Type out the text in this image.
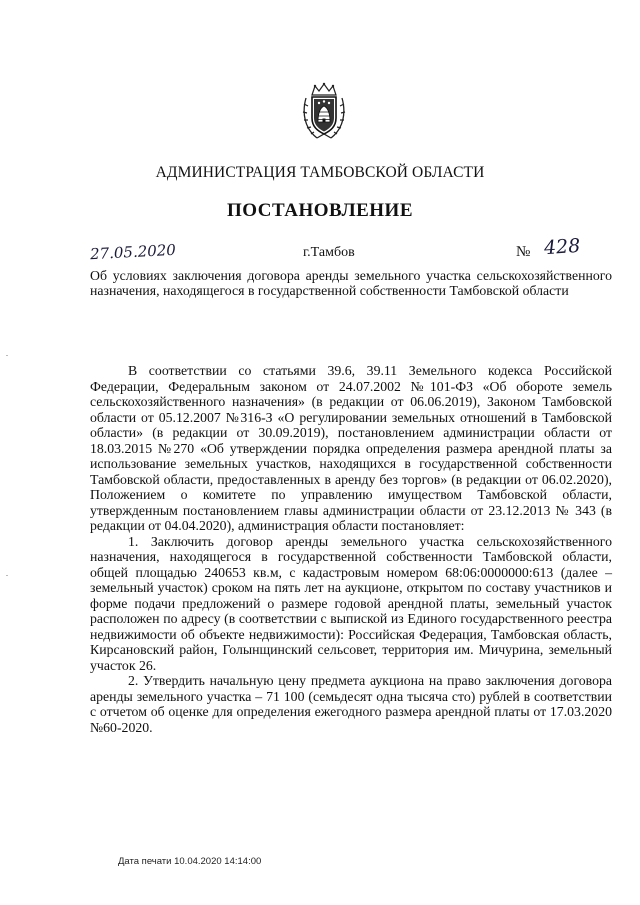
АДМИНИСТРАЦИЯ ТАМБОВСКОЙ ОБЛАСТИ
ПОСТАНОВЛЕНИЕ
27.05.2020	г.Тамбов	№ 428
Об условиях заключения договора аренды земельного участка сельскохозяйственного назначения, находящегося в государственной собственности Тамбовской области

В соответствии со статьями 39.6, 39.11 Земельного кодекса Российской Федерации, Федеральным законом от 24.07.2002 №101-ФЗ «Об обороте земель сельскохозяйственного назначения» (в редакции от 06.06.2019), Законом Тамбовской области от 05.12.2007 №316-З «О регулировании земельных отношений в Тамбовской области» (в редакции от 30.09.2019), постановлением администрации области от 18.03.2015 №270 «Об утверждении порядка определения размера арендной платы за использование земельных участков, находящихся в государственной собственности Тамбовской области, предоставленных в аренду без торгов» (в редакции от 06.02.2020), Положением о комитете по управлению имуществом Тамбовской области, утвержденным постановлением главы администрации области от 23.12.2013 № 343 (в редакции от 04.04.2020), администрация области постановляет:

1. Заключить договор аренды земельного участка сельскохозяйственного назначения, находящегося в государственной собственности Тамбовской области, общей площадью 240653 кв.м, с кадастровым номером 68:06:0000000:613 (далее – земельный участок) сроком на пять лет на аукционе, открытом по составу участников и форме подачи предложений о размере годовой арендной платы, земельный участок расположен по адресу (в соответствии с выпиской из Единого государственного реестра недвижимости об объекте недвижимости): Российская Федерация, Тамбовская область, Кирсановский район, Голынщинский сельсовет, территория им. Мичурина, земельный участок 26.

2. Утвердить начальную цену предмета аукциона на право заключения договора аренды земельного участка – 71 100 (семьдесят одна тысяча сто) рублей в соответствии с отчетом об оценке для определения ежегодного размера арендной платы от 17.03.2020 №60-2020.

Дата печати 10.04.2020 14:14:00
